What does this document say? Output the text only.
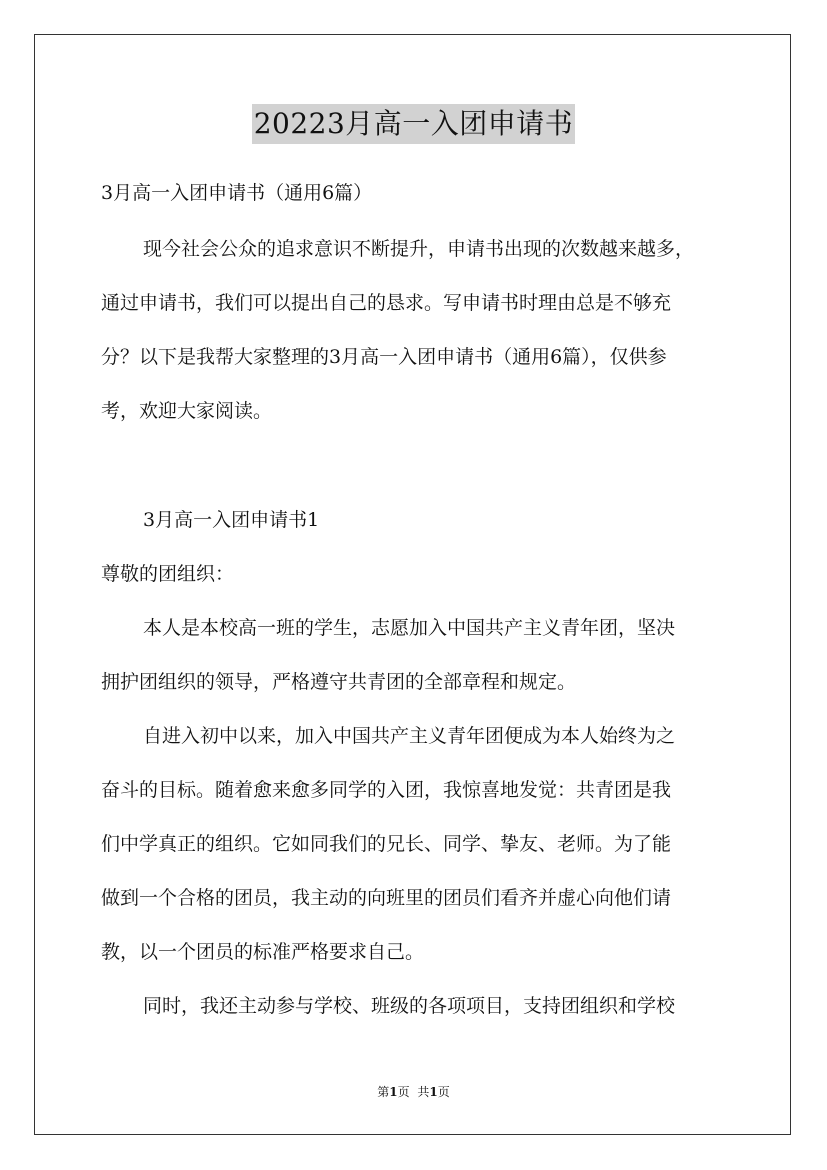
20223月高一入团申请书

3月高一入团申请书（通用6篇）

现今社会公众的追求意识不断提升，申请书出现的次数越来越多，

通过申请书，我们可以提出自己的恳求。写申请书时理由总是不够充

分？以下是我帮大家整理的3月高一入团申请书（通用6篇），仅供参

考，欢迎大家阅读。

3月高一入团申请书1

尊敬的团组织：

本人是本校高一班的学生，志愿加入中国共产主义青年团，坚决

拥护团组织的领导，严格遵守共青团的全部章程和规定。

自进入初中以来，加入中国共产主义青年团便成为本人始终为之

奋斗的目标。随着愈来愈多同学的入团，我惊喜地发觉：共青团是我

们中学真正的组织。它如同我们的兄长、同学、挚友、老师。为了能

做到一个合格的团员，我主动的向班里的团员们看齐并虚心向他们请

教，以一个团员的标准严格要求自己。

同时，我还主动参与学校、班级的各项项目，支持团组织和学校

第1页 共1页
